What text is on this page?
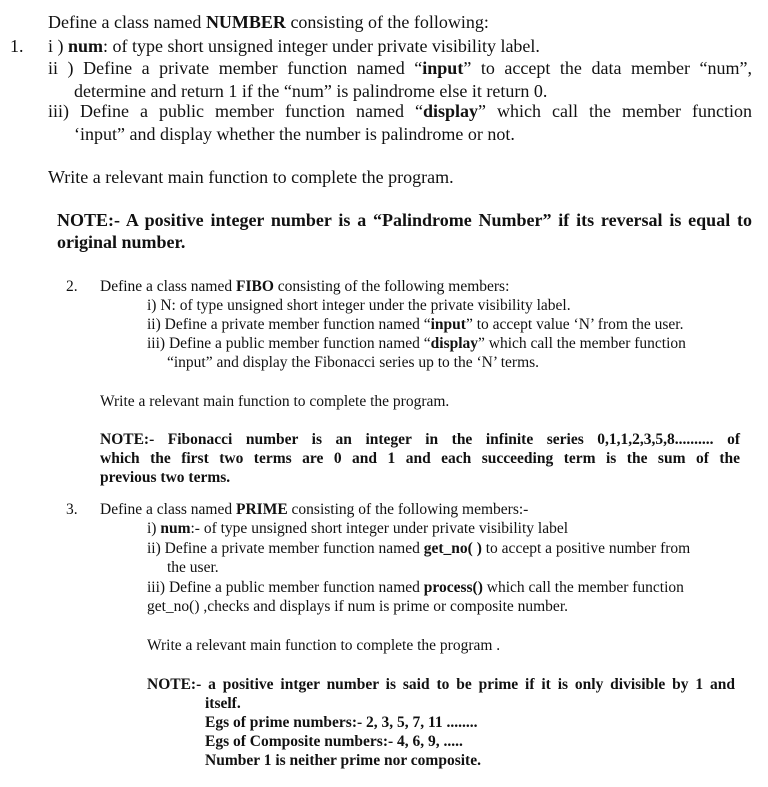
Define a class named NUMBER consisting of the following:
1. i ) num: of type short unsigned integer under private visibility label.
ii ) Define a private member function named “input” to accept the data member “num”,
determine and return 1 if the “num” is palindrome else it return 0.
iii) Define a public member function named “display” which call the member function
‘input” and display whether the number is palindrome or not.
Write a relevant main function to complete the program.
NOTE:- A positive integer number is a “Palindrome Number” if its reversal is equal to
original number.
2. Define a class named FIBO consisting of the following members:
i) N: of type unsigned short integer under the private visibility label.
ii) Define a private member function named “input” to accept value ‘N’ from the user.
iii) Define a public member function named “display” which call the member function
“input” and display the Fibonacci series up to the ‘N’ terms.
Write a relevant main function to complete the program.
NOTE:- Fibonacci number is an integer in the infinite series 0,1,1,2,3,5,8.......... of
which the first two terms are 0 and 1 and each succeeding term is the sum of the
previous two terms.
3. Define a class named PRIME consisting of the following members:-
i) num:- of type unsigned short integer under private visibility label
ii) Define a private member function named get_no( ) to accept a positive number from
the user.
iii) Define a public member function named process() which call the member function
get_no() ,checks and displays if num is prime or composite number.
Write a relevant main function to complete the program .
NOTE:- a positive intger number is said to be prime if it is only divisible by 1 and
itself.
Egs of prime numbers:- 2, 3, 5, 7, 11 ........
Egs of Composite numbers:- 4, 6, 9, .....
Number 1 is neither prime nor composite.
